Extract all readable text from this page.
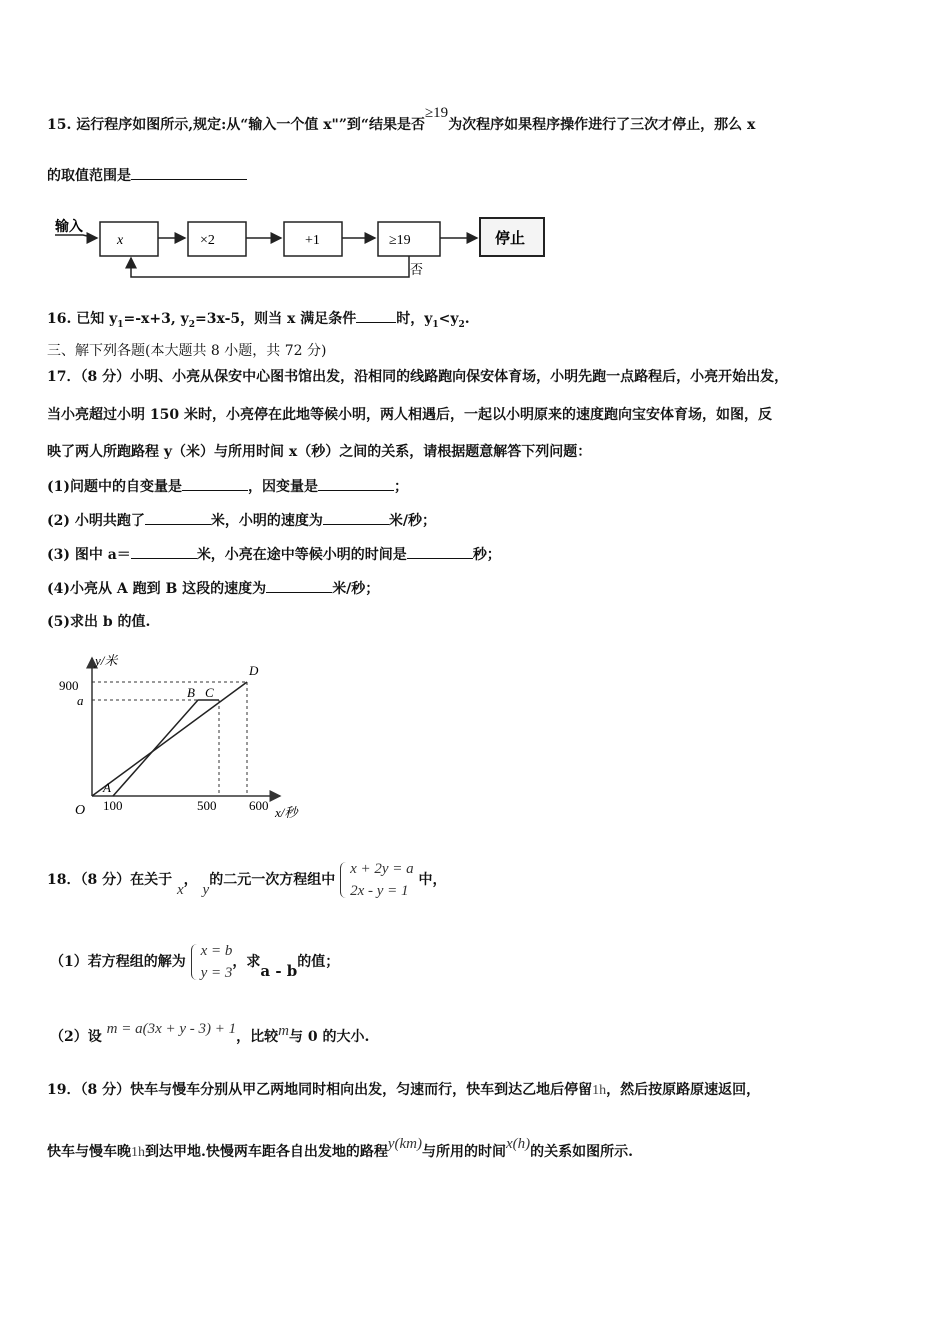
15. 运行程序如图所示,规定:从“输入一个值 x"”到“结果是否≥19为次程序如果程序操作进行了三次才停止，那么 x
的取值范围是
输入
x	×2	+1	≥19	停止
否
16. 已知 $y_1=-x+3$, $y_2=3x-5$，则当 x 满足条件	时，$y_1<y_2$.
三、解下列各题(本大题共 8 小题，共 72 分)
17．（8 分）小明、小亮从保安中心图书馆出发，沿相同的线路跑向保安体育场，小明先跑一点路程后，小亮开始出发，
当小亮超过小明 150 米时，小亮停在此地等候小明，两人相遇后，一起以小明原来的速度跑向宝安体育场，如图，反
映了两人所跑路程 y（米）与所用时间 x（秒）之间的关系，请根据题意解答下列问题：
(1)问题中的自变量是	，因变量是	；
(2) 小明共跑了	米，小明的速度为	米/秒；
(3) 图中 a＝	米，小亮在途中等候小明的时间是	秒；
(4)小亮从 A 跑到 B 这段的速度为	米/秒；
(5)求出 b 的值.
y/米
x/秒
O
900
a
100	500	600
A
B C
D
18．（8 分）在关于 x， y的二元一次方程组中 x + 2y = a
2x - y = 1 中，
（1）若方程组的解为 x = b
y = 3，求a - b的值；
（2）设 m = a(3x + y - 3) + 1，比较m与 0 的大小.
19．（8 分）快车与慢车分别从甲乙两地同时相向出发，匀速而行，快车到达乙地后停留1h，然后按原路原速返回，
快车与慢车晚1h到达甲地.快慢两车距各自出发地的路程y(km)与所用的时间x(h)的关系如图所示.
